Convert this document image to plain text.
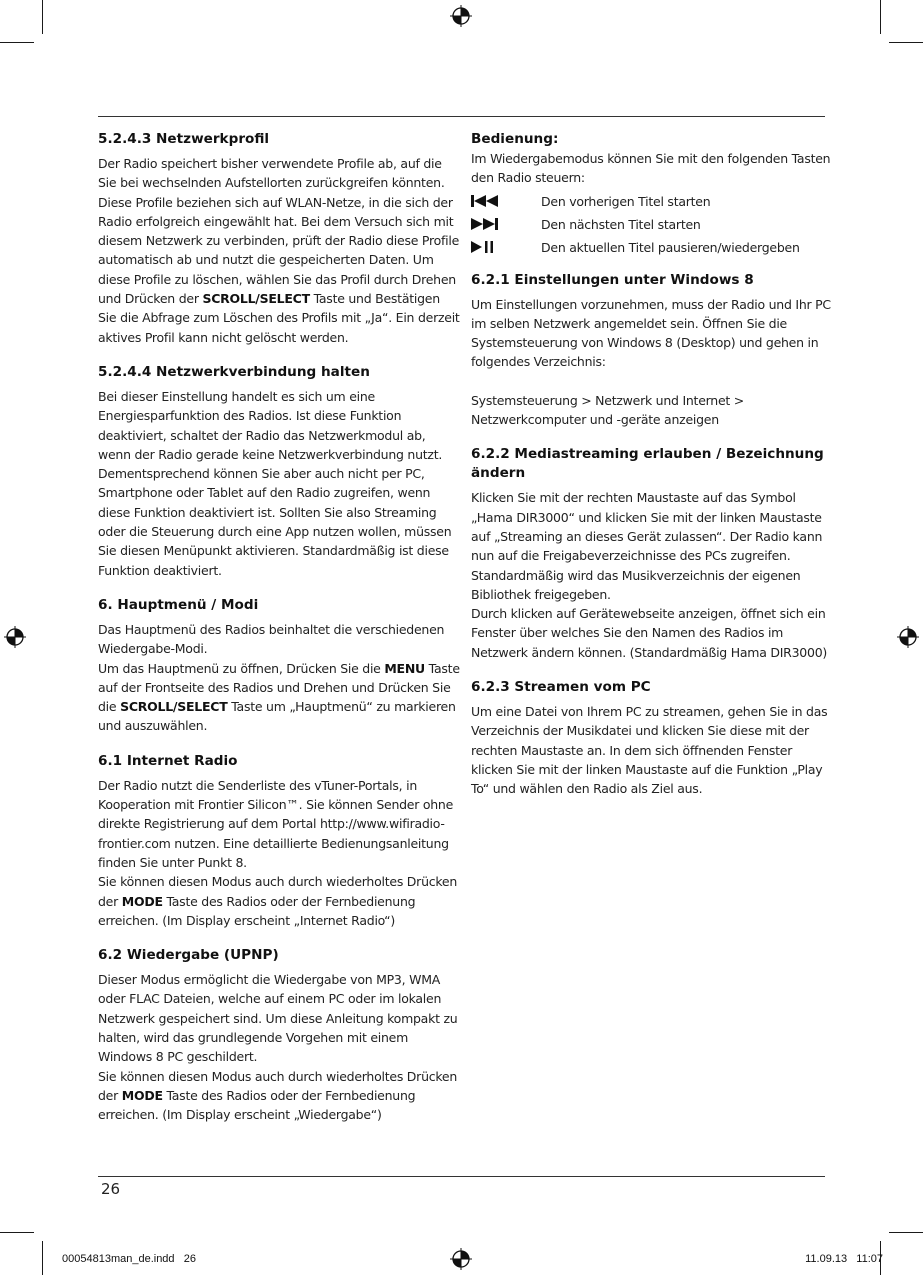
5.2.4.3 Netzwerkprofil

Der Radio speichert bisher verwendete Profile ab, auf die Sie bei wechselnden Aufstellorten zurückgreifen könnten. Diese Profile beziehen sich auf WLAN-Netze, in die sich der Radio erfolgreich eingewählt hat. Bei dem Versuch sich mit diesem Netzwerk zu verbinden, prüft der Radio diese Profile automatisch ab und nutzt die gespeicherten Daten. Um diese Profile zu löschen, wählen Sie das Profil durch Drehen und Drücken der SCROLL/SELECT Taste und Bestätigen Sie die Abfrage zum Löschen des Profils mit „Ja“. Ein derzeit aktives Profil kann nicht gelöscht werden.

5.2.4.4 Netzwerkverbindung halten

Bei dieser Einstellung handelt es sich um eine Energiesparfunktion des Radios. Ist diese Funktion deaktiviert, schaltet der Radio das Netzwerkmodul ab, wenn der Radio gerade keine Netzwerkverbindung nutzt. Dementsprechend können Sie aber auch nicht per PC, Smartphone oder Tablet auf den Radio zugreifen, wenn diese Funktion deaktiviert ist. Sollten Sie also Streaming oder die Steuerung durch eine App nutzen wollen, müssen Sie diesen Menüpunkt aktivieren. Standardmäßig ist diese Funktion deaktiviert.

6. Hauptmenü / Modi

Das Hauptmenü des Radios beinhaltet die verschiedenen Wiedergabe-Modi.

Um das Hauptmenü zu öffnen, Drücken Sie die MENU Taste auf der Frontseite des Radios und Drehen und Drücken Sie die SCROLL/SELECT Taste um „Hauptmenü“ zu markieren und auszuwählen.

6.1 Internet Radio

Der Radio nutzt die Senderliste des vTuner-Portals, in Kooperation mit Frontier Silicon™. Sie können Sender ohne direkte Registrierung auf dem Portal http://www.wifiradio-frontier.com nutzen. Eine detaillierte Bedienungsanleitung finden Sie unter Punkt 8.

Sie können diesen Modus auch durch wiederholtes Drücken der MODE Taste des Radios oder der Fernbedienung erreichen. (Im Display erscheint „Internet Radio“)

6.2 Wiedergabe (UPNP)

Dieser Modus ermöglicht die Wiedergabe von MP3, WMA oder FLAC Dateien, welche auf einem PC oder im lokalen Netzwerk gespeichert sind. Um diese Anleitung kompakt zu halten, wird das grundlegende Vorgehen mit einem Windows 8 PC geschildert.

Sie können diesen Modus auch durch wiederholtes Drücken der MODE Taste des Radios oder der Fernbedienung erreichen. (Im Display erscheint „Wiedergabe“)

Bedienung:

Im Wiedergabemodus können Sie mit den folgenden Tasten den Radio steuern:

Den vorherigen Titel starten
Den nächsten Titel starten
Den aktuellen Titel pausieren/wiedergeben
6.2.1 Einstellungen unter Windows 8

Um Einstellungen vorzunehmen, muss der Radio und Ihr PC im selben Netzwerk angemeldet sein. Öffnen Sie die Systemsteuerung von Windows 8 (Desktop) und gehen in folgendes Verzeichnis:

Systemsteuerung > Netzwerk und Internet > Netzwerkcomputer und -geräte anzeigen

6.2.2 Mediastreaming erlauben / Bezeichnung ändern

Klicken Sie mit der rechten Maustaste auf das Symbol „Hama DIR3000“ und klicken Sie mit der linken Maustaste auf „Streaming an dieses Gerät zulassen“. Der Radio kann nun auf die Freigabeverzeichnisse des PCs zugreifen. Standardmäßig wird das Musikverzeichnis der eigenen Bibliothek freigegeben.

Durch klicken auf Gerätewebseite anzeigen, öffnet sich ein Fenster über welches Sie den Namen des Radios im Netzwerk ändern können. (Standardmäßig Hama DIR3000)

6.2.3 Streamen vom PC

Um eine Datei von Ihrem PC zu streamen, gehen Sie in das Verzeichnis der Musikdatei und klicken Sie diese mit der rechten Maustaste an. In dem sich öffnenden Fenster klicken Sie mit der linken Maustaste auf die Funktion „Play To“ und wählen den Radio als Ziel aus.

26
00054813man_de.indd   26	11.09.13   11:07
